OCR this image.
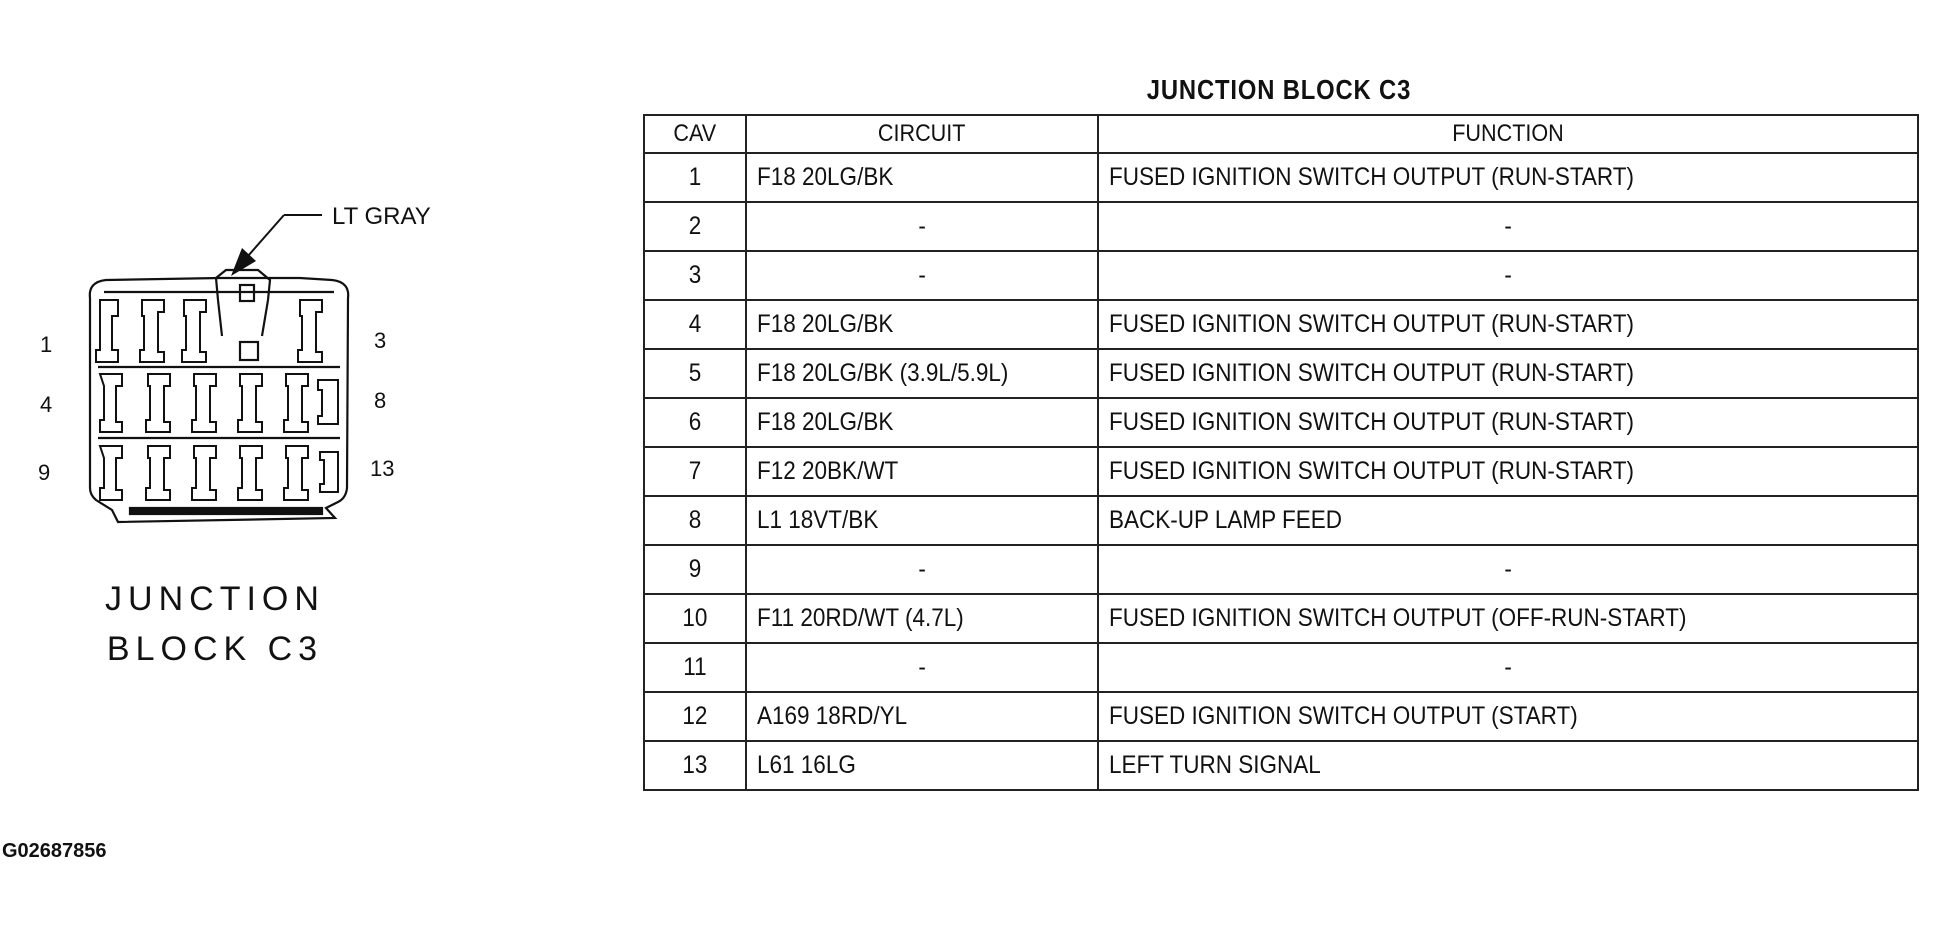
LT GRAY
1
4
9
3
8
13
JUNCTION
BLOCK C3
JUNCTION BLOCK C3
CAV	CIRCUIT	FUNCTION
1	F18 20LG/BK	FUSED IGNITION SWITCH OUTPUT (RUN-START)
2	-	-
3	-	-
4	F18 20LG/BK	FUSED IGNITION SWITCH OUTPUT (RUN-START)
5	F18 20LG/BK (3.9L/5.9L)	FUSED IGNITION SWITCH OUTPUT (RUN-START)
6	F18 20LG/BK	FUSED IGNITION SWITCH OUTPUT (RUN-START)
7	F12 20BK/WT	FUSED IGNITION SWITCH OUTPUT (RUN-START)
8	L1 18VT/BK	BACK-UP LAMP FEED
9	-	-
10	F11 20RD/WT (4.7L)	FUSED IGNITION SWITCH OUTPUT (OFF-RUN-START)
11	-	-
12	A169 18RD/YL	FUSED IGNITION SWITCH OUTPUT (START)
13	L61 16LG	LEFT TURN SIGNAL
G02687856
